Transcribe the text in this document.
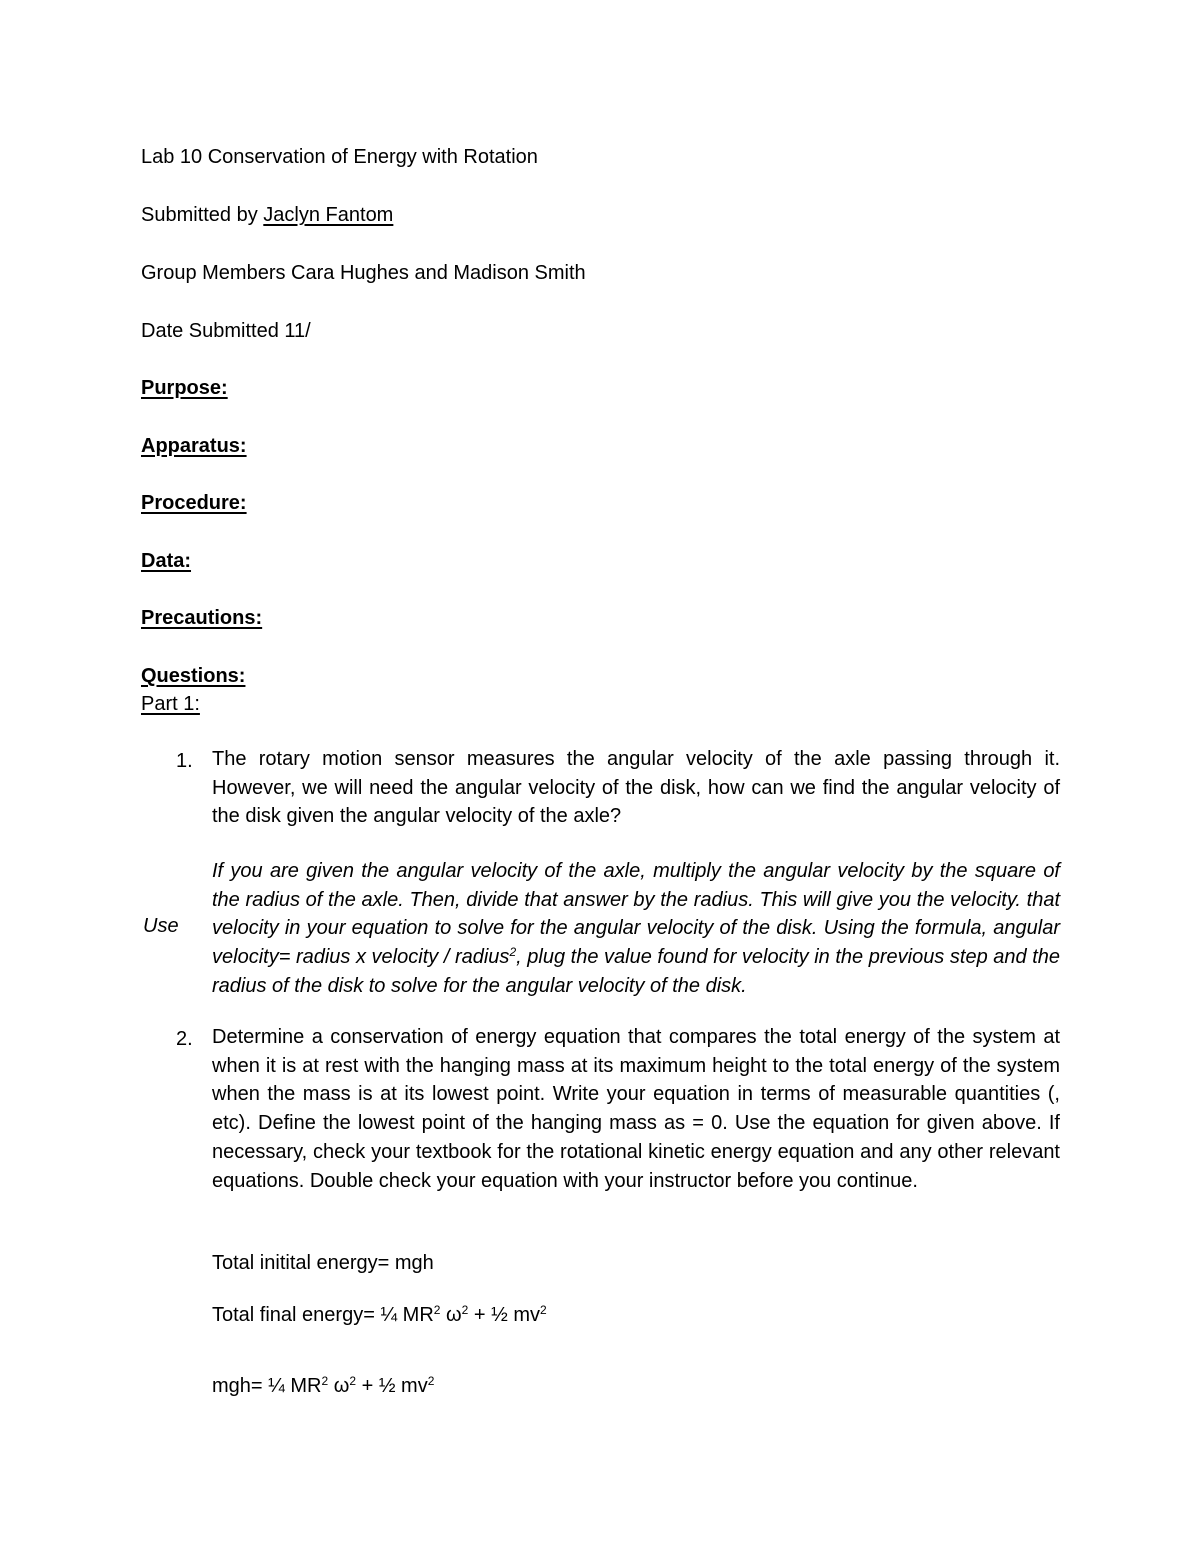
Lab 10 Conservation of Energy with Rotation
Submitted by Jaclyn Fantom
Group Members Cara Hughes and Madison Smith
Date Submitted 11/
Purpose:
Apparatus:
Procedure:
Data:
Precautions:
Questions:
Part 1:
1. The rotary motion sensor measures the angular velocity of the axle passing through it. However, we will need the angular velocity of the disk, how can we find the angular velocity of the disk given the angular velocity of the axle?
If you are given the angular velocity of the axle, multiply the angular velocity by the square of the radius of the axle. Then, divide that answer by the radius. This will give you the velocity. that velocity in your equation to solve for the angular velocity of the disk. Using the formula, angular velocity= radius x velocity / radius$^2$, plug the value found for velocity in the previous step and the radius of the disk to solve for the angular velocity of the disk.
Use
2. Determine a conservation of energy equation that compares the total energy of the system at when it is at rest with the hanging mass at its maximum height to the total energy of the system when the mass is at its lowest point. Write your equation in terms of measurable quantities (, etc). Define the lowest point of the hanging mass as = 0. Use the equation for given above. If necessary, check your textbook for the rotational kinetic energy equation and any other relevant equations. Double check your equation with your instructor before you continue.
Total initital energy= mgh
Total final energy= ¼ $MR^2$ $\omega^2$ + ½ $mv^2$
mgh= ¼ $MR^2$ $\omega^2$ + ½ $mv^2$
